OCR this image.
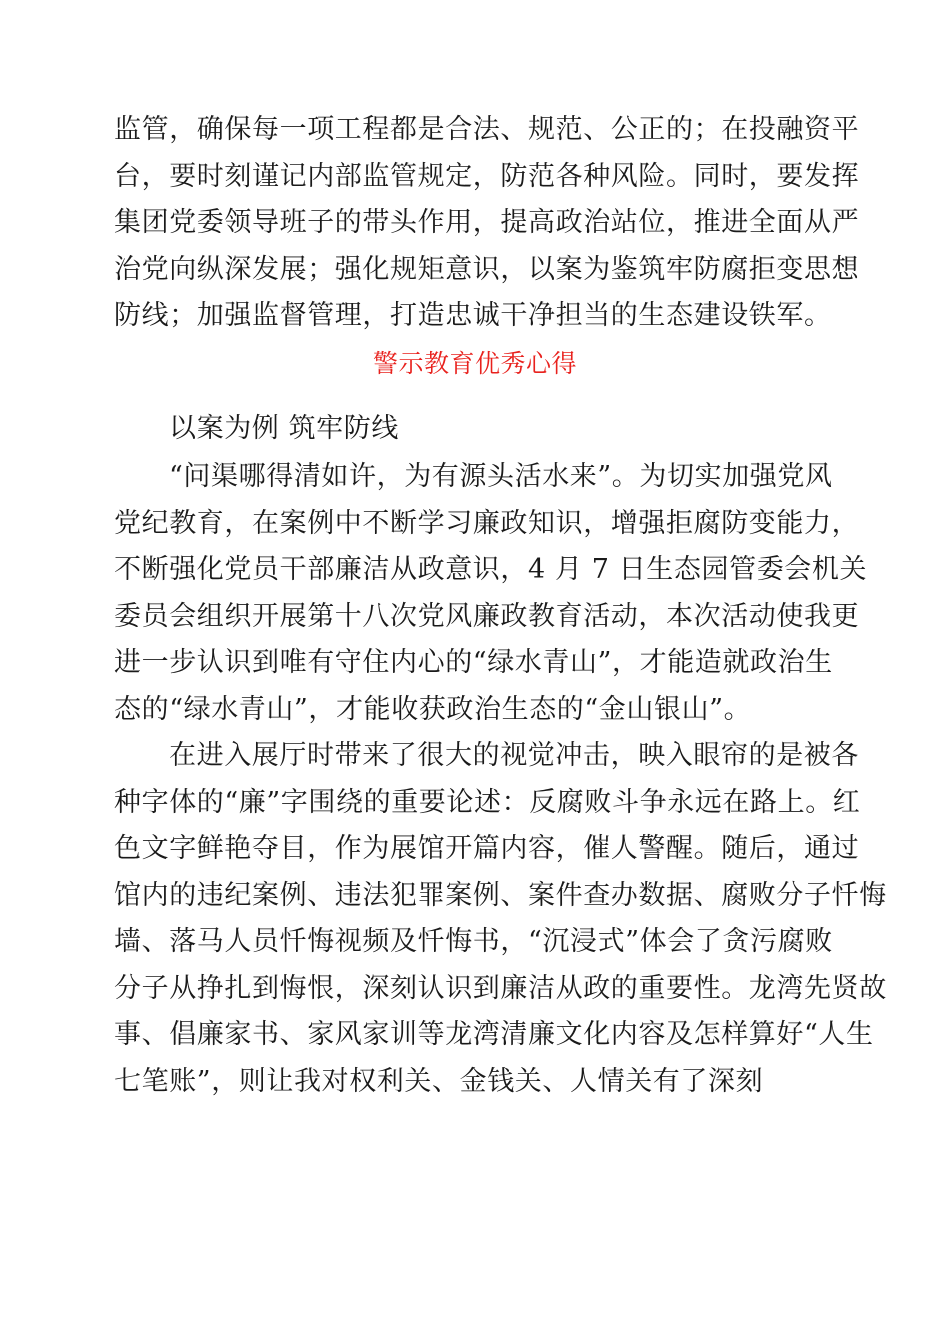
监管，确保每一项工程都是合法、规范、公正的；在投融资平
台，要时刻谨记内部监管规定，防范各种风险。同时，要发挥
集团党委领导班子的带头作用，提高政治站位，推进全面从严
治党向纵深发展；强化规矩意识，以案为鉴筑牢防腐拒变思想
防线；加强监督管理，打造忠诚干净担当的生态建设铁军。
警示教育优秀心得
以案为例 筑牢防线
“问渠哪得清如许，为有源头活水来”。为切实加强党风
党纪教育，在案例中不断学习廉政知识，增强拒腐防变能力，
不断强化党员干部廉洁从政意识，4 月 7 日生态园管委会机关
委员会组织开展第十八次党风廉政教育活动，本次活动使我更
进一步认识到唯有守住内心的“绿水青山”，才能造就政治生
态的“绿水青山”，才能收获政治生态的“金山银山”。
在进入展厅时带来了很大的视觉冲击，映入眼帘的是被各
种字体的“廉”字围绕的重要论述：反腐败斗争永远在路上。红
色文字鲜艳夺目，作为展馆开篇内容，催人警醒。随后，通过
馆内的违纪案例、违法犯罪案例、案件查办数据、腐败分子忏悔
墙、落马人员忏悔视频及忏悔书，“沉浸式”体会了贪污腐败
分子从挣扎到悔恨，深刻认识到廉洁从政的重要性。龙湾先贤故
事、倡廉家书、家风家训等龙湾清廉文化内容及怎样算好“人生
七笔账”，则让我对权利关、金钱关、人情关有了深刻
